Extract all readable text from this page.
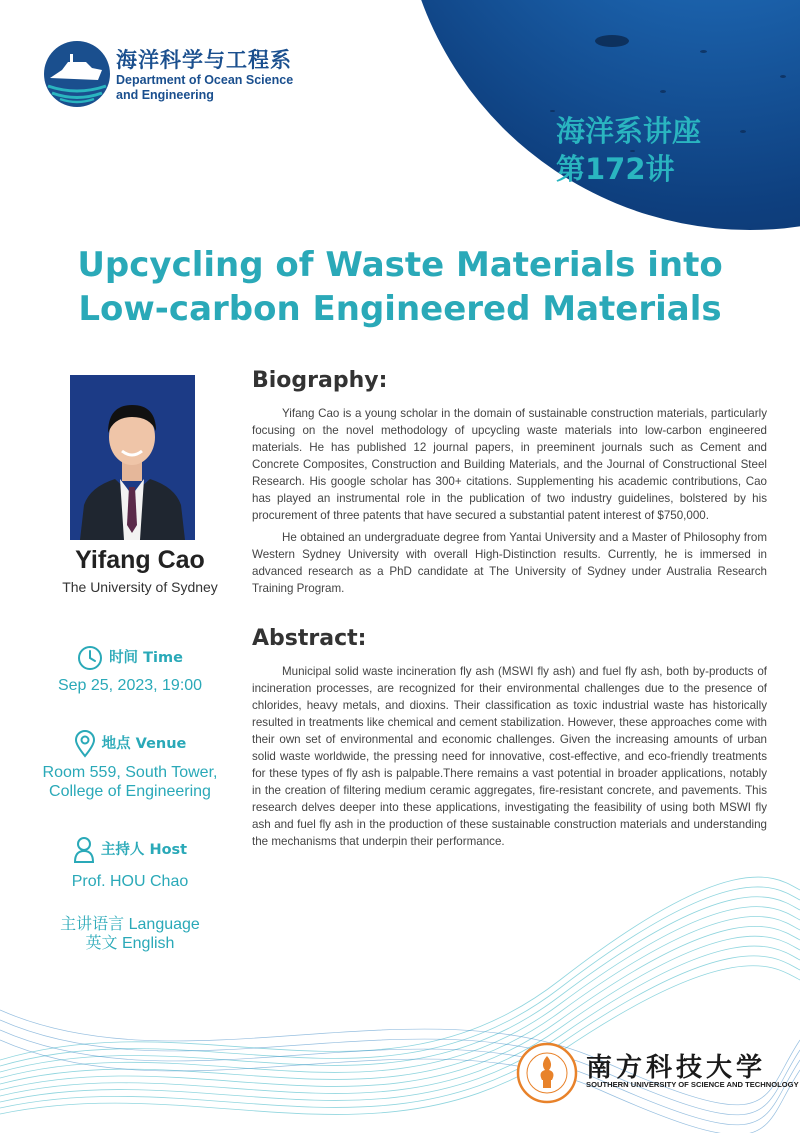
海洋科学与工程系
Department of Ocean Science
and Engineering
海洋系讲座
第172讲
Upcycling of Waste Materials into
Low-carbon Engineered Materials
Yifang Cao
The University of Sydney
时间 Time
Sep 25, 2023, 19:00
地点 Venue
Room 559, South Tower,
College of Engineering
主持人 Host
Prof. HOU Chao
主讲语言 Language
英文 English
Biography:
Yifang Cao is a young scholar in the domain of sustainable construction materials, particularly focusing on the novel methodology of upcycling waste materials into low-carbon engineered materials. He has published 12 journal papers, in preeminent journals such as Cement and Concrete Composites, Construction and Building Materials, and the Journal of Constructional Steel Research. His google scholar has 300+ citations. Supplementing his academic contributions, Cao has played an instrumental role in the publication of two industry guidelines, bolstered by his procurement of three patents that have secured a substantial patent interest of $750,000.
He obtained an undergraduate degree from Yantai University and a Master of Philosophy from Western Sydney University with overall High-Distinction results. Currently, he is immersed in advanced research as a PhD candidate at The University of Sydney under Australia Research Training Program.
Abstract:
Municipal solid waste incineration fly ash (MSWI fly ash) and fuel fly ash, both by-products of incineration processes, are recognized for their environmental challenges due to the presence of chlorides, heavy metals, and dioxins. Their classification as toxic industrial waste has historically resulted in treatments like chemical and cement stabilization. However, these approaches come with their own set of environmental and economic challenges. Given the increasing amounts of urban solid waste worldwide, the pressing need for innovative, cost-effective, and eco-friendly treatments for these types of fly ash is palpable.There remains a vast potential in broader applications, notably in the creation of filtering medium ceramic aggregates, fire-resistant concrete, and pavements. This research delves deeper into these applications, investigating the feasibility of using both MSWI fly ash and fuel fly ash in the production of these sustainable construction materials and understanding the mechanisms that underpin their performance.
南方科技大学
SOUTHERN UNIVERSITY OF SCIENCE AND TECHNOLOGY
